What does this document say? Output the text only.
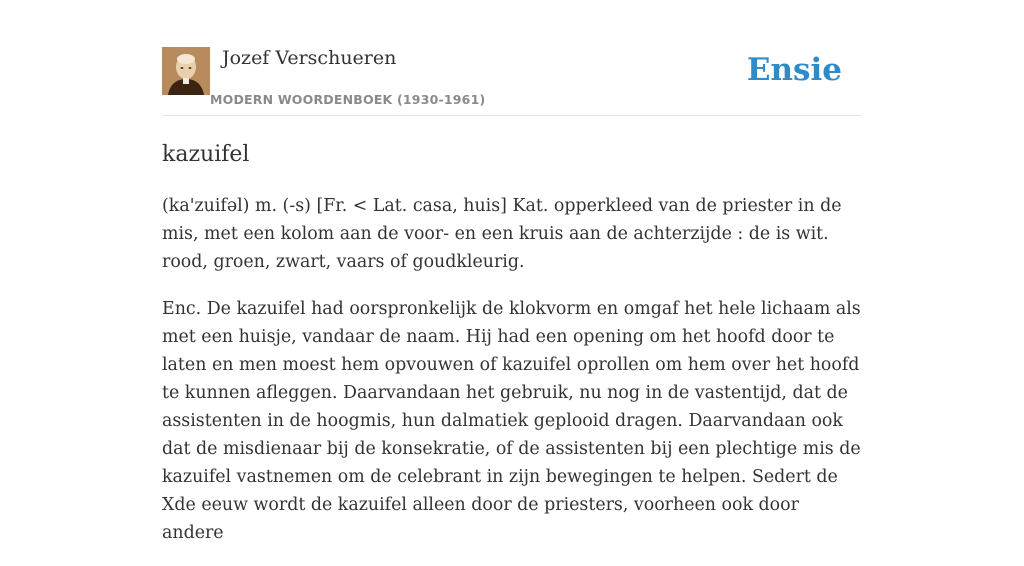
Jozef Verschueren
MODERN WOORDENBOEK (1930-1961)
Ensie
kazuifel

(ka'zuifəl) m. (-s) [Fr. < Lat. casa, huis] Kat. opperkleed van de priester in de mis, met een kolom aan de voor- en een kruis aan de achterzijde : de is wit. rood, groen, zwart, vaars of goudkleurig.

Enc. De kazuifel had oorspronkelijk de klokvorm en omgaf het hele lichaam als met een huisje, vandaar de naam. Hij had een opening om het hoofd door te laten en men moest hem opvouwen of kazuifel oprollen om hem over het hoofd te kunnen afleggen. Daarvandaan het gebruik, nu nog in de vastentijd, dat de assistenten in de hoogmis, hun dalmatiek geplooid dragen. Daarvandaan ook dat de misdienaar bij de konsekratie, of de assistenten bij een plechtige mis de kazuifel vastnemen om de celebrant in zijn bewegingen te helpen. Sedert de Xde eeuw wordt de kazuifel alleen door de priesters, voorheen ook door andere
